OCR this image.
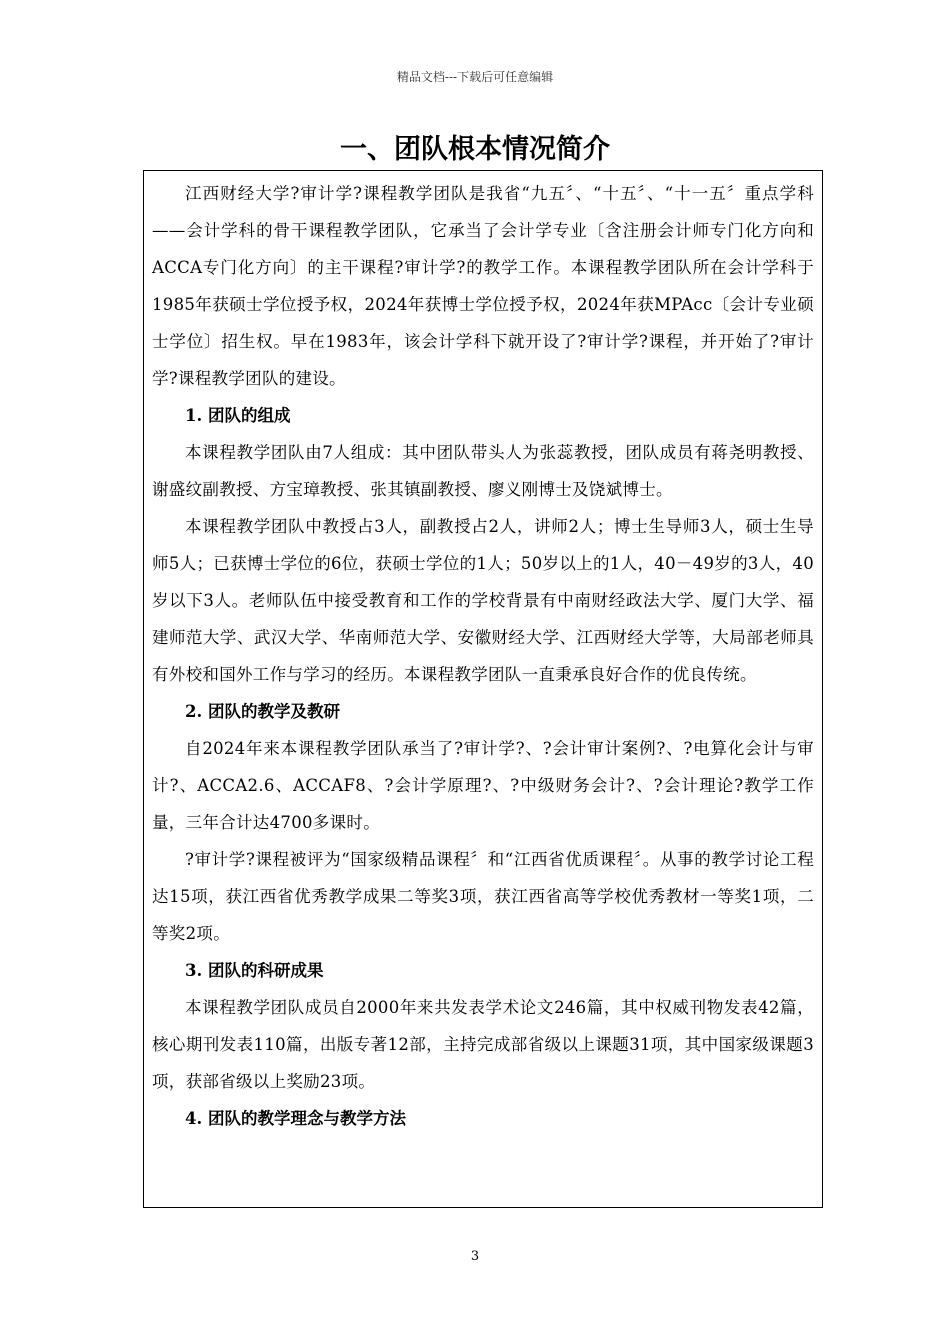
精品文档---下载后可任意编辑
一、团队根本情况简介

江西财经大学?审计学?课程教学团队是我省“九五〞、“十五〞、“十一五〞重点学科——会计学科的骨干课程教学团队，它承当了会计学专业〔含注册会计师专门化方向和ACCA专门化方向〕的主干课程?审计学?的教学工作。本课程教学团队所在会计学科于1985年获硕士学位授予权，2024年获博士学位授予权，2024年获MPAcc〔会计专业硕士学位〕招生权。早在1983年，该会计学科下就开设了?审计学?课程，并开始了?审计学?课程教学团队的建设。

1. 团队的组成

本课程教学团队由7人组成：其中团队带头人为张蕊教授，团队成员有蒋尧明教授、谢盛纹副教授、方宝璋教授、张其镇副教授、廖义刚博士及饶斌博士。

本课程教学团队中教授占3人，副教授占2人，讲师2人；博士生导师3人，硕士生导师5人；已获博士学位的6位，获硕士学位的1人；50岁以上的1人，40－49岁的3人，40岁以下3人。老师队伍中接受教育和工作的学校背景有中南财经政法大学、厦门大学、福建师范大学、武汉大学、华南师范大学、安徽财经大学、江西财经大学等，大局部老师具有外校和国外工作与学习的经历。本课程教学团队一直秉承良好合作的优良传统。

2. 团队的教学及教研

自2024年来本课程教学团队承当了?审计学?、?会计审计案例?、?电算化会计与审计?、ACCA2.6、ACCAF8、?会计学原理?、?中级财务会计?、?会计理论?教学工作量，三年合计达4700多课时。

?审计学?课程被评为“国家级精品课程〞和“江西省优质课程〞。从事的教学讨论工程达15项，获江西省优秀教学成果二等奖3项，获江西省高等学校优秀教材一等奖1项，二等奖2项。

3. 团队的科研成果

本课程教学团队成员自2000年来共发表学术论文246篇，其中权威刊物发表42篇，核心期刊发表110篇，出版专著12部，主持完成部省级以上课题31项，其中国家级课题3项，获部省级以上奖励23项。

4. 团队的教学理念与教学方法

3
